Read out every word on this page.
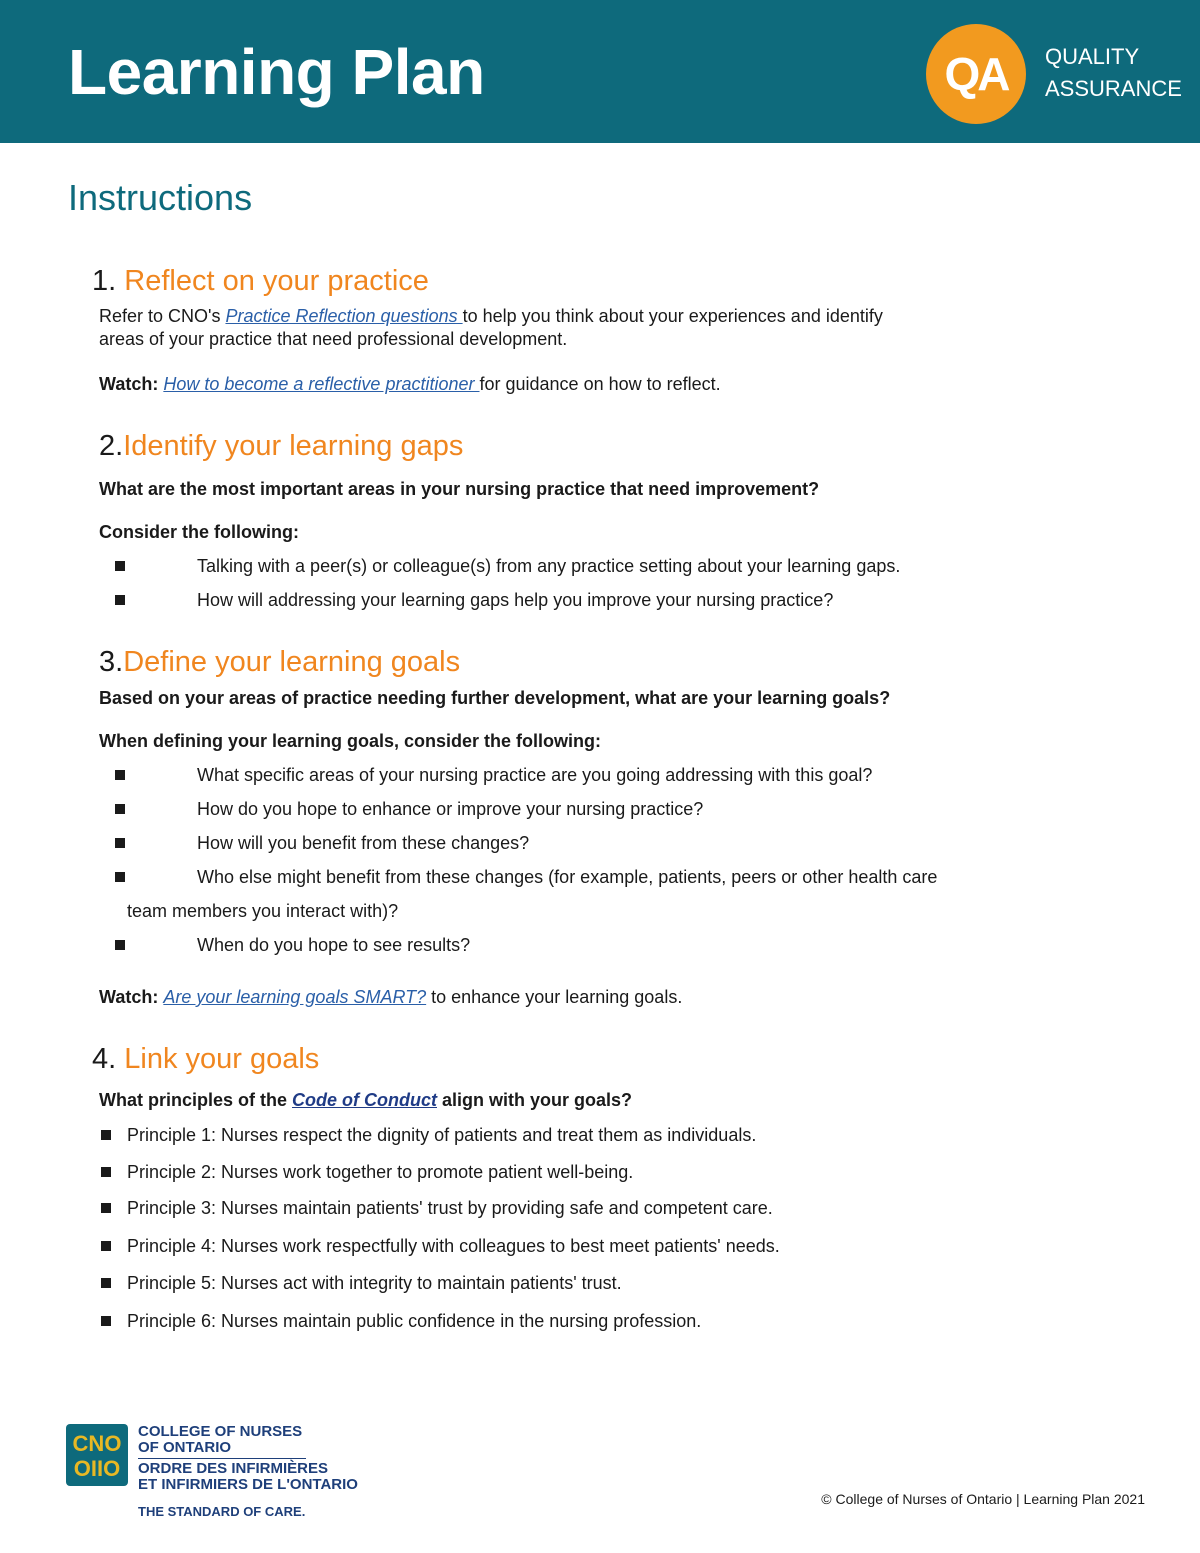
Learning Plan	QA	QUALITY
ASSURANCE
Instructions
1. Reflect on your practice

Refer to CNO's Practice Reflection questions to help you think about your experiences and identify

areas of your practice that need professional development.

Watch: How to become a reflective practitioner for guidance on how to reflect.

2.Identify your learning gaps

What are the most important areas in your nursing practice that need improvement?

Consider the following:

Talking with a peer(s) or colleague(s) from any practice setting about your learning gaps.
How will addressing your learning gaps help you improve your nursing practice?
3.Define your learning goals

Based on your areas of practice needing further development, what are your learning goals?

When defining your learning goals, consider the following:

What specific areas of your nursing practice are you going addressing with this goal?
How do you hope to enhance or improve your nursing practice?
How will you benefit from these changes?
Who else might benefit from these changes (for example, patients, peers or other health care

team members you interact with)?

When do you hope to see results?

Watch: Are your learning goals SMART? to enhance your learning goals.

4. Link your goals

What principles of the Code of Conduct align with your goals?

Principle 1: Nurses respect the dignity of patients and treat them as individuals.
Principle 2: Nurses work together to promote patient well-being.
Principle 3: Nurses maintain patients' trust by providing safe and competent care.
Principle 4: Nurses work respectfully with colleagues to best meet patients' needs.
Principle 5: Nurses act with integrity to maintain patients' trust.
Principle 6: Nurses maintain public confidence in the nursing profession.
CNO
OIIO
COLLEGE OF NURSES
OF ONTARIO
ORDRE DES INFIRMIÈRES
ET INFIRMIERS DE L'ONTARIO
THE STANDARD OF CARE.
© College of Nurses of Ontario | Learning Plan 2021
